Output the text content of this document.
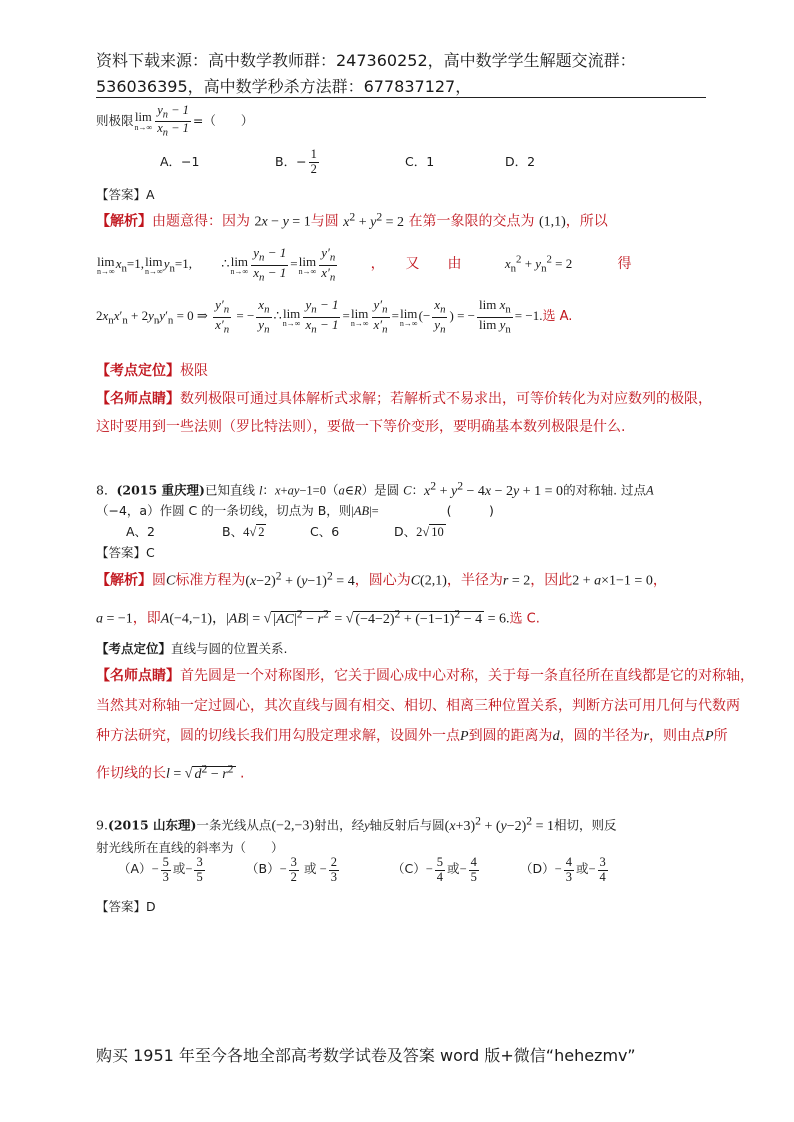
资料下载来源：高中数学教师群：247360252，高中数学学生解题交流群：
536036395，高中数学秒杀方法群：677837127，
则极限 lim
$n\to\infty \frac{y_n - 1}{x_n - 1}$ =（　　）
A．−1	B．− $\frac{1}{2}$	C．1	D．2
【答案】A
【解析】由题意得：因为 2x − y = 1与圆 $x^2 + y^2 = 2$ 在第一象限的交点为 (1,1)，所以
lim
n→∞
$x_n=1$, lim
n→∞
$y_n=1$, ∴ lim
$n\to\infty \frac{y_n - 1}{x_n - 1} = \lim$
$n\to\infty \frac{y'_n}{x'_n}$ ，　　又　　由	$x_n^2 + y_n^2 = 2$	得
$2x_nx'_n + 2y_ny'_n = 0$ ⇒ $\frac{y'_n}{x'_n}$ = − $\frac{x_n}{y_n}$ ∴ lim
$n\to\infty \frac{y_n - 1}{x_n - 1} = \lim$
$n\to\infty \frac{y'_n}{x'_n} = \lim$
n→∞
(− $\frac{x_n}{y_n}$ ) = − $\frac{\lim x_n}{\lim y_n} = -1$.选 A.
【考点定位】极限
【名师点睛】数列极限可通过具体解析式求解；若解析式不易求出，可等价转化为对应数列的极限，
这时要用到一些法则（罗比特法则），要做一下等价变形，要明确基本数列极限是什么.
8．(2015 重庆理)已知直线 l：x+ay−1=0（a∈R）是圆 C：$x^2 + y^2 - 4x - 2y + 1 = 0$的对称轴. 过点A
（−4，a）作圆 C 的一条切线，切点为 B，则|AB|=	(　　　)
A、2	B、4√ 2	C、6	D、2√ 10
【答案】C
【解析】圆C标准方程为$(x-2)^2 + (y-1)^2 = 4$，圆心为C(2,1)，半径为r = 2，因此2 + a×1−1 = 0，
a = −1，即A(−4,−1)，|AB| = √ $|AC|^2 - r^2$ = √ $(-4-2)^2 + (-1-1)^2 - 4 = 6$.选 C.
【考点定位】直线与圆的位置关系.
【名师点睛】首先圆是一个对称图形，它关于圆心成中心对称，关于每一条直径所在直线都是它的对称轴，
当然其对称轴一定过圆心，其次直线与圆有相交、相切、相离三种位置关系，判断方法可用几何与代数两
种方法研究，圆的切线长我们用勾股定理求解，设圆外一点P到圆的距离为d，圆的半径为r，则由点P所
作切线的长l = √ $d^2 - r^2$ .
9.(2015 山东理)一条光线从点(−2,−3)射出，经y轴反射后与圆$(x+3)^2 + (y-2)^2 = 1$相切，则反
射光线所在直线的斜率为（　　）
$(A)- \frac{5}{3}$ 或− $\frac{3}{5}$	$(B)- \frac{3}{2}$ 或 − $\frac{2}{3}$	$(C)- \frac{5}{4}$ 或− $\frac{4}{5}$	$(D)- \frac{4}{3}$ 或− $\frac{3}{4}$
【答案】D
购买 1951 年至今各地全部高考数学试卷及答案 word 版+微信“hehezmv”
